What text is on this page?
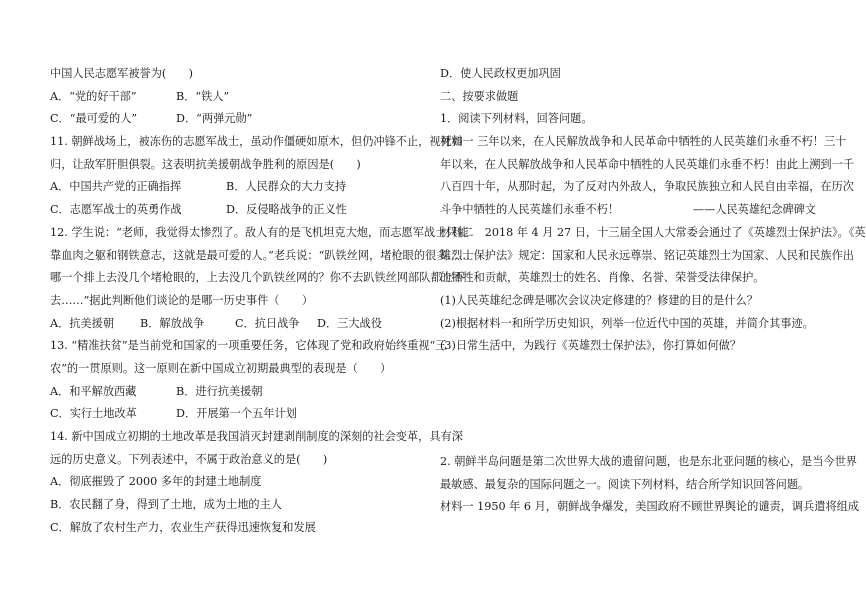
中国人民志愿军被誉为(　　)
A．“党的好干部”	B．“铁人”
C．“最可爱的人”	D．“两弹元勋”
11. 朝鲜战场上，被冻伤的志愿军战士，虽动作僵硬如原木，但仍冲锋不止，视死如
归，让敌军肝胆俱裂。这表明抗美援朝战争胜利的原因是(　　)
A．中国共产党的正确指挥	B．人民群众的大力支持
C．志愿军战士的英勇作战	D．反侵略战争的正义性
12. 学生说：“老师，我觉得太惨烈了。敌人有的是飞机坦克大炮，而志愿军战士只能
靠血肉之躯和钢铁意志，这就是最可爱的人。”老兵说：“趴铁丝网，堵枪眼的很多……
哪一个排上去没几个堵枪眼的，上去没几个趴铁丝网的？你不去趴铁丝网部队都上不
去……”据此判断他们谈论的是哪一历史事件（　　）
A．抗美援朝	B．解放战争	C．抗日战争	D．三大战役
13. “精准扶贫”是当前党和国家的一项重要任务，它体现了党和政府始终重视“三
农”的一贯原则。这一原则在新中国成立初期最典型的表现是（　　）
A．和平解放西藏	B．进行抗美援朝
C．实行土地改革	D．开展第一个五年计划
14. 新中国成立初期的土地改革是我国消灭封建剥削制度的深刻的社会变革，具有深
远的历史意义。下列表述中，不属于政治意义的是(　　)
A．彻底摧毁了 2000 多年的封建土地制度
B．农民翻了身，得到了土地，成为土地的主人
C．解放了农村生产力，农业生产获得迅速恢复和发展
D．使人民政权更加巩固
二、按要求做题
1．阅读下列材料，回答问题。
材料一 三年以来，在人民解放战争和人民革命中牺牲的人民英雄们永垂不朽！三十
年以来，在人民解放战争和人民革命中牺牲的人民英雄们永垂不朽！由此上溯到一千
八百四十年，从那时起，为了反对内外敌人，争取民族独立和人民自由幸福，在历次
斗争中牺牲的人民英雄们永垂不朽！	——人民英雄纪念碑碑文
材料二　2018 年 4 月 27 日，十三届全国人大常委会通过了《英雄烈士保护法》。《英
雄烈士保护法》规定：国家和人民永远尊崇、铭记英雄烈士为国家、人民和民族作出
的牺牲和贡献，英雄烈士的姓名、肖像、名誉、荣誉受法律保护。
(1)人民英雄纪念碑是哪次会议决定修建的？修建的目的是什么？
(2)根据材料一和所学历史知识，列举一位近代中国的英雄，并简介其事迹。
(3)日常生活中，为践行《英雄烈士保护法》，你打算如何做？
2. 朝鲜半岛问题是第二次世界大战的遗留问题，也是东北亚问题的核心，是当今世界
最敏感、最复杂的国际问题之一。阅读下列材料，结合所学知识回答问题。
材料一 1950 年 6 月，朝鲜战争爆发，美国政府不顾世界舆论的谴责，调兵遣将组成
